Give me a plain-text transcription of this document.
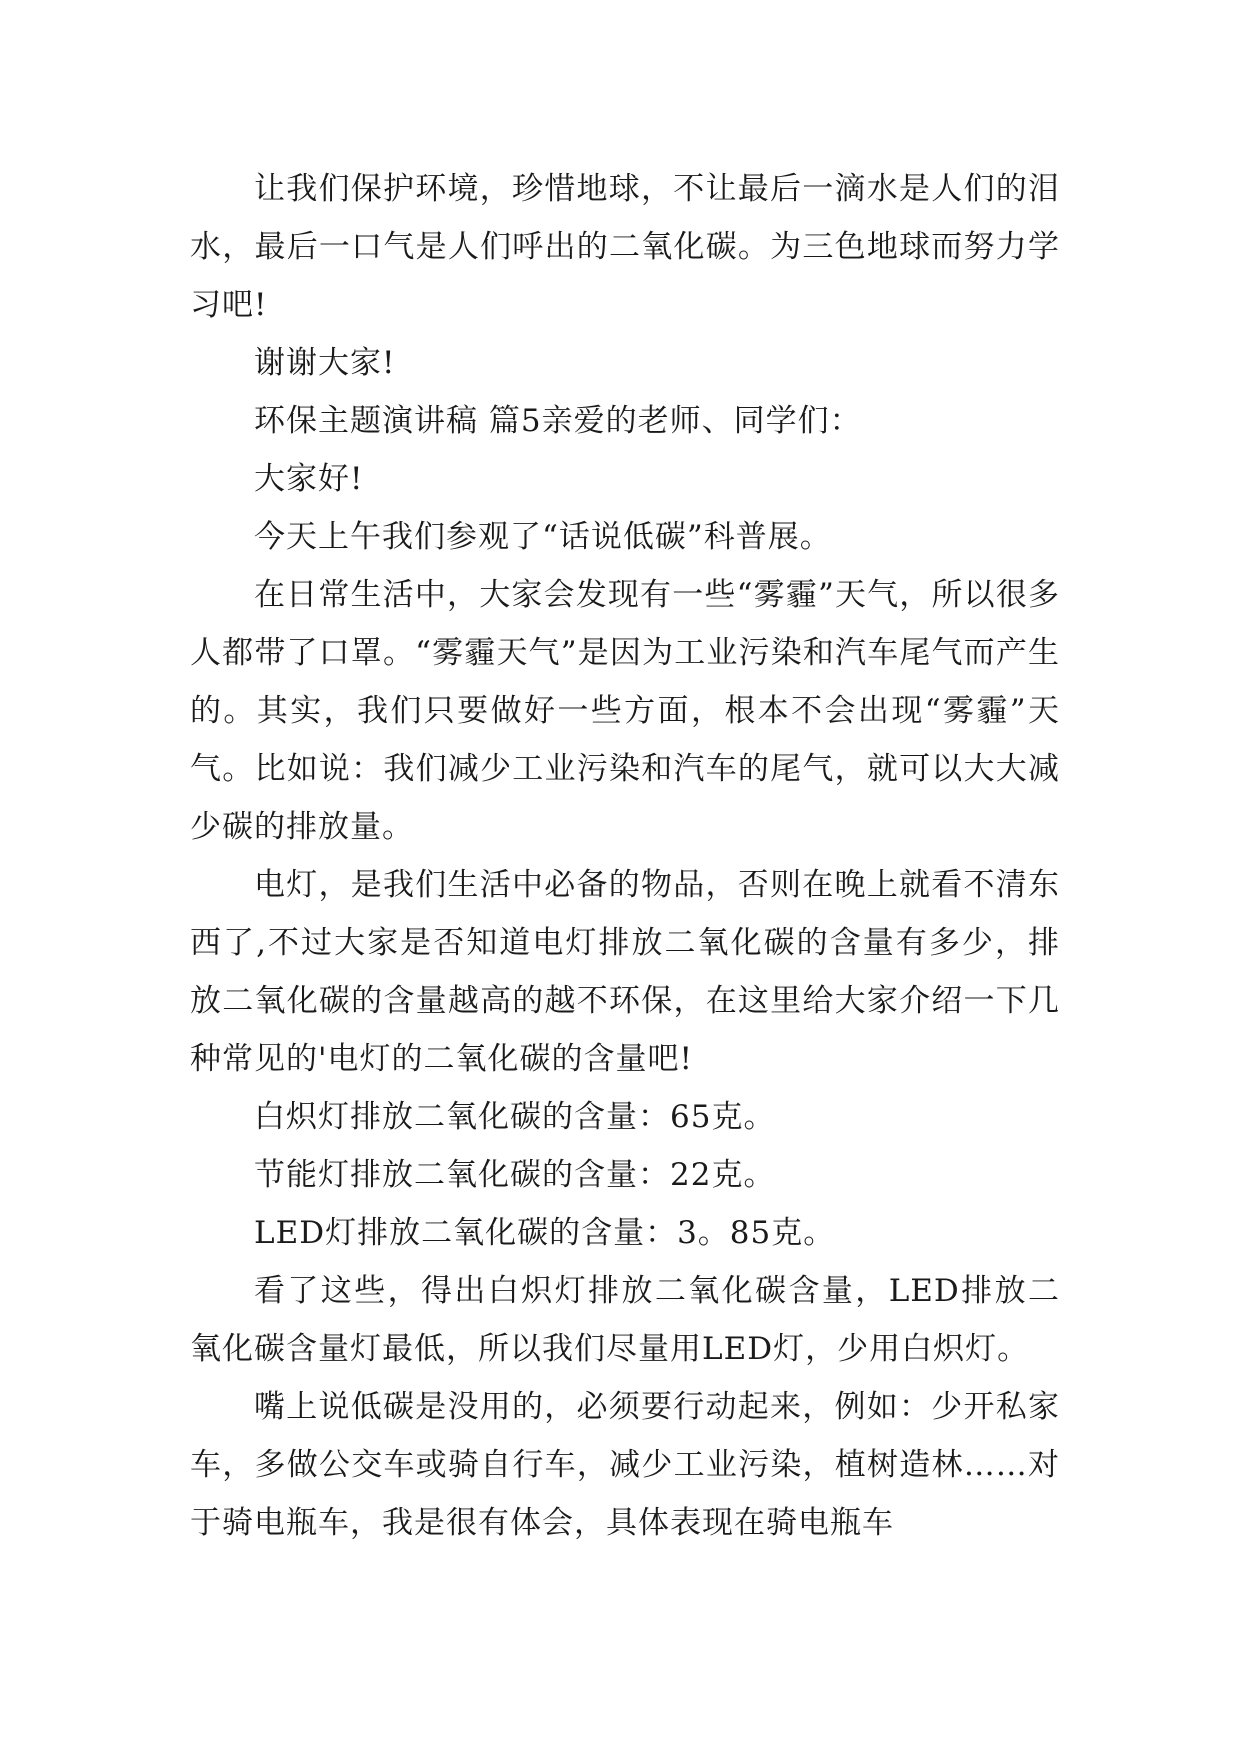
让我们保护环境，珍惜地球，不让最后一滴水是人们的泪水，最后一口气是人们呼出的二氧化碳。为三色地球而努力学习吧!

谢谢大家!

环保主题演讲稿 篇5亲爱的老师、同学们：

大家好!

今天上午我们参观了“话说低碳”科普展。

在日常生活中，大家会发现有一些“雾霾”天气，所以很多人都带了口罩。“雾霾天气”是因为工业污染和汽车尾气而产生的。其实，我们只要做好一些方面，根本不会出现“雾霾”天气。比如说：我们减少工业污染和汽车的尾气，就可以大大减少碳的排放量。

电灯，是我们生活中必备的物品，否则在晚上就看不清东西了,不过大家是否知道电灯排放二氧化碳的含量有多少，排放二氧化碳的含量越高的越不环保，在这里给大家介绍一下几种常见的'电灯的二氧化碳的含量吧!

白炽灯排放二氧化碳的含量：65克。

节能灯排放二氧化碳的含量：22克。

LED灯排放二氧化碳的含量：3。85克。

看了这些，得出白炽灯排放二氧化碳含量，LED排放二氧化碳含量灯最低，所以我们尽量用LED灯，少用白炽灯。

嘴上说低碳是没用的，必须要行动起来，例如：少开私家车，多做公交车或骑自行车，减少工业污染，植树造林……对于骑电瓶车，我是很有体会，具体表现在骑电瓶车
